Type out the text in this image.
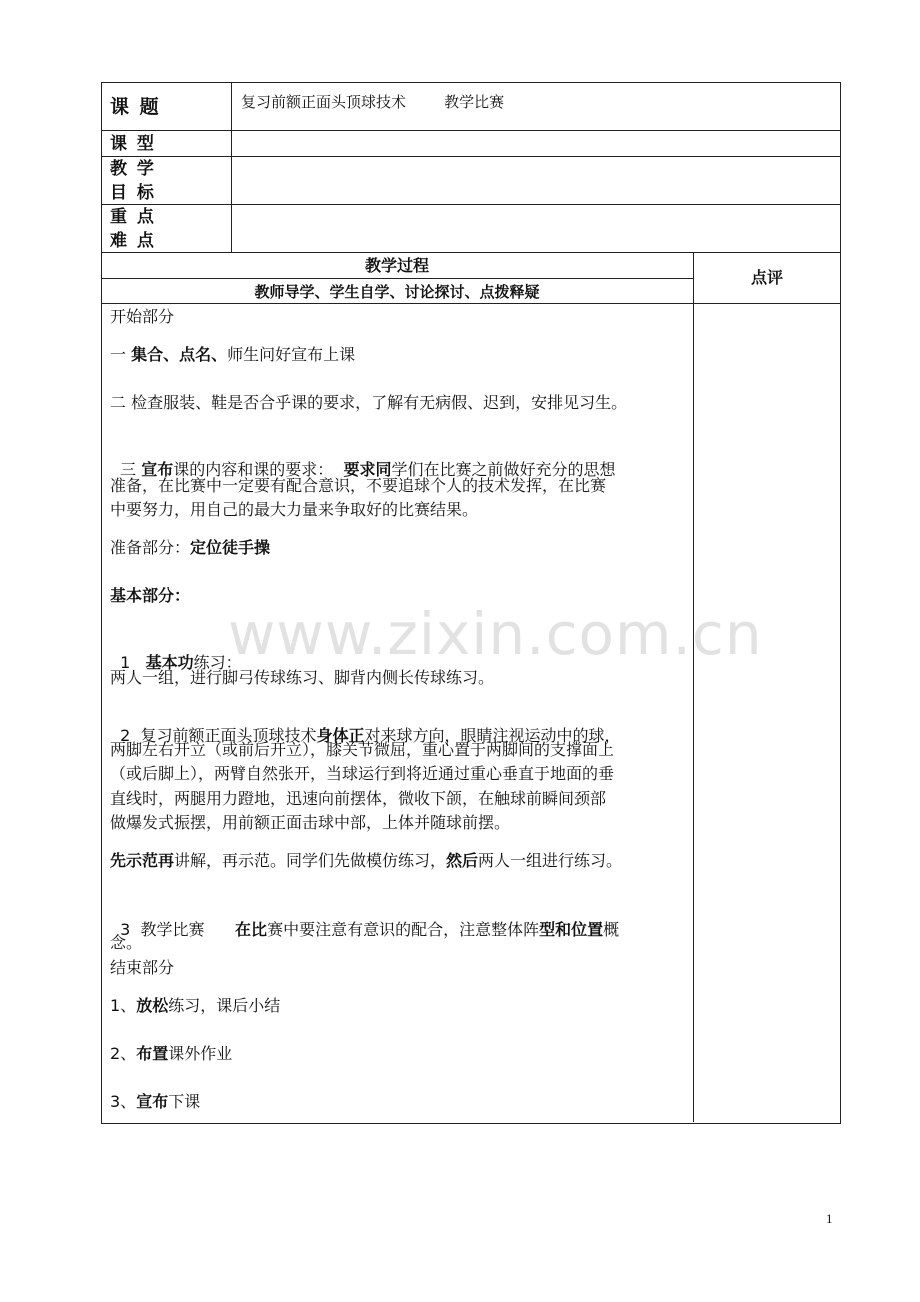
课 题	复习前额正面头顶球技术        教学比赛
课 型
教 学
目 标
重 点
难 点
教学过程
教师导学、学生自学、讨论探讨、点拨释疑
点评
www.zixin.com.cn
开始部分
一 集合、点名、师生问好宣布上课
二 检查服装、鞋是否合乎课的要求，了解有无病假、迟到，安排见习生。

三 宣布课的内容和课的要求：  要求同学们在比赛之前做好充分的思想

准备，在比赛中一定要有配合意识，不要追球个人的技术发挥，在比赛
中要努力，用自己的最大力量来争取好的比赛结果。
准备部分：定位徒手操
基本部分：

1   基本功练习：

两人一组，进行脚弓传球练习、脚背内侧长传球练习。

2  复习前额正面头顶球技术身体正对来球方向，眼睛注视运动中的球，

两脚左右开立（或前后开立），膝关节微屈，重心置于两脚间的支撑面上
（或后脚上），两臂自然张开，当球运行到将近通过重心垂直于地面的垂
直线时，两腿用力蹬地，迅速向前摆体，微收下颌，在触球前瞬间颈部
做爆发式振摆，用前额正面击球中部，上体并随球前摆。
先示范再讲解，再示范。同学们先做模仿练习，然后两人一组进行练习。

3  教学比赛      在比赛中要注意有意识的配合，注意整体阵型和位置概

念。
结束部分
1、放松练习，课后小结
2、布置课外作业
3、宣布下课
1
